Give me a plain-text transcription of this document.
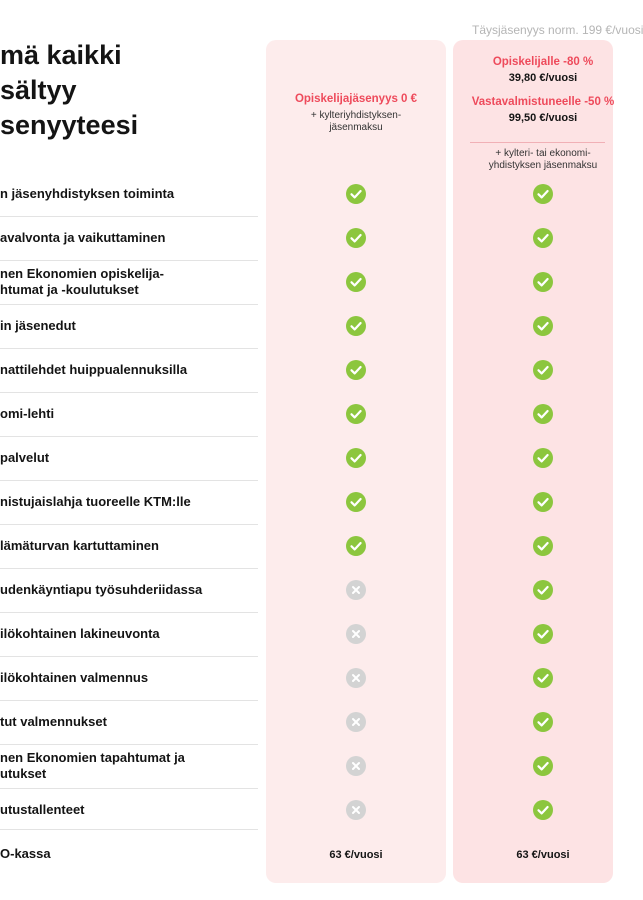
Täysjäsenyys norm. 199 €/vuosi
mä kaikki
sältyy
senyyteesi
Opiskelijajäsenyys 0 €
+ kylteriyhdistyksen-
jäsenmaksu
Opiskelijalle -80 %
39,80 €/vuosi
Vastavalmistuneelle -50 %
99,50 €/vuosi
+ kylteri- tai ekonomi-
yhdistyksen jäsenmaksu
n jäsenyhdistyksen toiminta
avalvonta ja vaikuttaminen
nen Ekonomien opiskelija-
htumat ja -koulutukset
in jäsenedut
nattilehdet huippualennuksilla
omi-lehti
palvelut
nistujaislahja tuoreelle KTM:lle
lämäturvan kartuttaminen
udenkäyntiapu työsuhderiidassa
ilökohtainen lakineuvonta
ilökohtainen valmennus
tut valmennukset
nen Ekonomien tapahtumat ja
utukset
utustallenteet
O-kassa	63 €/vuosi	63 €/vuosi
